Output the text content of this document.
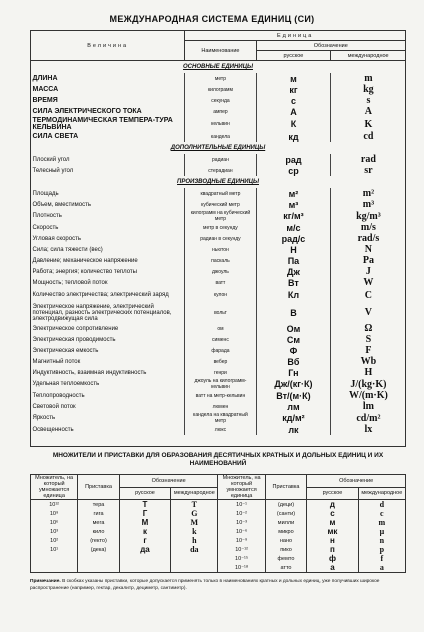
МЕЖДУНАРОДНАЯ СИСТЕМА ЕДИНИЦ (СИ)
Величина	Единица		
	Наименование	Обозначение	
		русское	международное
ОСНОВНЫЕ ЕДИНИЦЫ			
ДЛИНА	метр	м	m
МАССА	килограмм	кг	kg
ВРЕМЯ	секунда	с	s
СИЛА ЭЛЕКТРИЧЕСКОГО ТОКА	ампер	А	A
ТЕРМОДИНАМИЧЕСКАЯ ТЕМПЕРА-ТУРА КЕЛЬВИНА	кельвин	К	K
СИЛА СВЕТА	кандела	кд	cd
ДОПОЛНИТЕЛЬНЫЕ ЕДИНИЦЫ			
Плоский угол	радиан	рад	rad
Телесный угол	стерадиан	ср	sr
ПРОИЗВОДНЫЕ ЕДИНИЦЫ			
Площадь	квадратный метр	м²	m²
Объем, вместимость	кубический метр	м³	m³
Плотность	килограмм на кубический метр	кг/м³	kg/m³
Скорость	метр в секунду	м/с	m/s
Угловая скорость	радиан в секунду	рад/с	rad/s
Сила; сила тяжести (вес)	ньютон	Н	N
Давление; механическое напряжение	паскаль	Па	Pa
Работа; энергия; количество теплоты	джоуль	Дж	J
Мощность; тепловой поток	ватт	Вт	W
Количество электричества; электрический заряд	кулон	Кл	C
Электрическое напряжение, электрический потенциал, разность электрических потенциалов, электродвижущая сила	вольт	В	V
Электрическое сопротивление	ом	Ом	Ω
Электрическая проводимость	сименс	См	S
Электрическая емкость	фарада	Ф	F
Магнитный поток	вебер	Вб	Wb
Индуктивность, взаимная индуктивность	генри	Гн	H
Удельная теплоемкость	джоуль на килограмм-кельвин	Дж/(кг·К)	J/(kg·K)
Теплопроводность	ватт на метр-кельвин	Вт/(м·К)	W/(m·K)
Световой поток	люмен	лм	lm
Яркость	кандела на квадратный метр	кд/м²	cd/m²
Освещенность	люкс	лк	lx
МНОЖИТЕЛИ И ПРИСТАВКИ ДЛЯ ОБРАЗОВАНИЯ ДЕСЯТИЧНЫХ КРАТНЫХ И ДОЛЬНЫХ ЕДИНИЦ И ИХ НАИМЕНОВАНИЙ
Множитель, на который умножается единица	Приставка	Обозначение		Множитель, на который умножается единица	Приставка	Обозначение	
		русское	международное			русское	международное
10¹²	тера	Т	T	10⁻¹	(деци)	д	d
10⁹	гига	Г	G	10⁻²	(санти)	с	c
10⁶	мега	М	M	10⁻³	милли	м	m
10³	кило	к	k	10⁻⁶	микро	мк	μ
10²	(гекто)	г	h	10⁻⁹	нано	н	n
10¹	(дека)	да	da	10⁻¹²	пико	п	p
				10⁻¹⁵	фемто	ф	f
				10⁻¹⁸	атто	а	a
Примечание. В скобках указаны приставки, которые допускается применять только в наименованиях кратных и дольных единиц, уже получивших широкое распространение (например, гектар, декалитр, дециметр, сантиметр).
